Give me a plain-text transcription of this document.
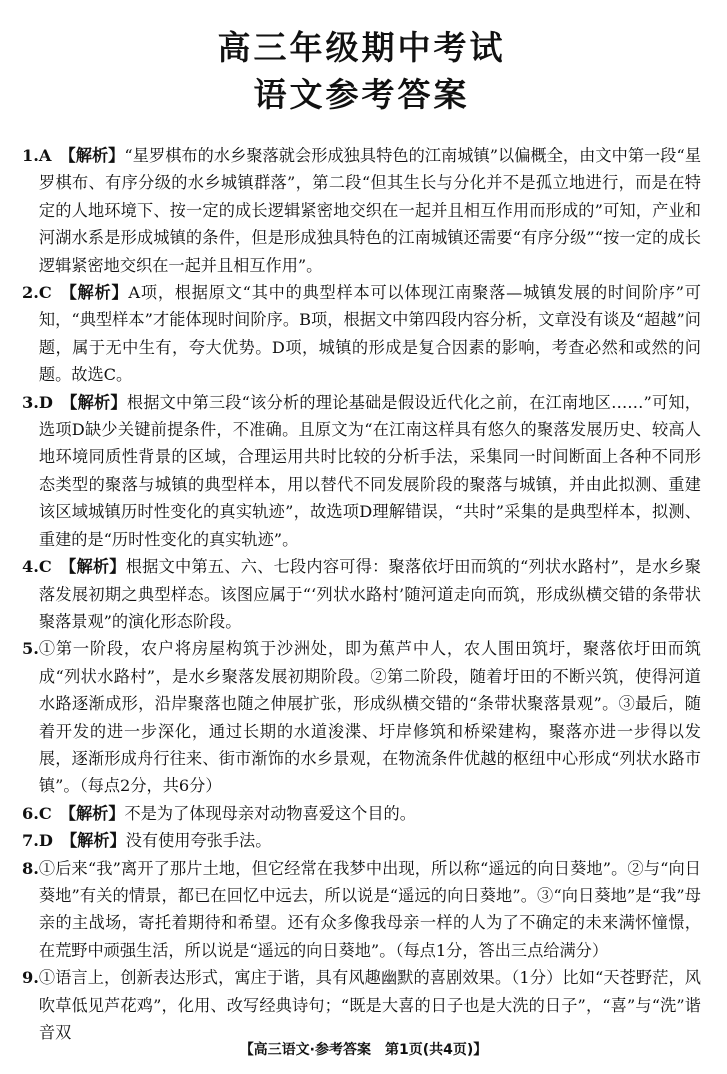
高三年级期中考试
语文参考答案
1. A 【解析】“星罗棋布的水乡聚落就会形成独具特色的江南城镇”以偏概全，由文中第一段“星罗棋布、有序分级的水乡城镇群落”，第二段“但其生长与分化并不是孤立地进行，而是在特定的人地环境下、按一定的成长逻辑紧密地交织在一起并且相互作用而形成的”可知，产业和河湖水系是形成城镇的条件，但是形成独具特色的江南城镇还需要“有序分级”“按一定的成长逻辑紧密地交织在一起并且相互作用”。
2. C 【解析】A项，根据原文“其中的典型样本可以体现江南聚落—城镇发展的时间阶序”可知，“典型样本”才能体现时间阶序。B项，根据文中第四段内容分析，文章没有谈及“超越”问题，属于无中生有，夸大优势。D项，城镇的形成是复合因素的影响，考查必然和或然的问题。故选C。
3. D 【解析】根据文中第三段“该分析的理论基础是假设近代化之前，在江南地区……”可知，选项D缺少关键前提条件，不准确。且原文为“在江南这样具有悠久的聚落发展历史、较高人地环境同质性背景的区域，合理运用共时比较的分析手法，采集同一时间断面上各种不同形态类型的聚落与城镇的典型样本，用以替代不同发展阶段的聚落与城镇，并由此拟测、重建该区域城镇历时性变化的真实轨迹”，故选项D理解错误，“共时”采集的是典型样本，拟测、重建的是“历时性变化的真实轨迹”。
4. C 【解析】根据文中第五、六、七段内容可得：聚落依圩田而筑的“列状水路村”，是水乡聚落发展初期之典型样态。该图应属于“‘列状水路村’随河道走向而筑，形成纵横交错的条带状聚落景观”的演化形态阶段。
5. ①第一阶段，农户将房屋构筑于沙洲处，即为蕉芦中人，农人围田筑圩，聚落依圩田而筑成“列状水路村”，是水乡聚落发展初期阶段。②第二阶段，随着圩田的不断兴筑，使得河道水路逐渐成形，沿岸聚落也随之伸展扩张，形成纵横交错的“条带状聚落景观”。③最后，随着开发的进一步深化，通过长期的水道浚渫、圩岸修筑和桥梁建构，聚落亦进一步得以发展，逐渐形成舟行往来、街市渐饰的水乡景观，在物流条件优越的枢纽中心形成“列状水路市镇”。（每点2分，共6分）
6. C 【解析】不是为了体现母亲对动物喜爱这个目的。
7. D 【解析】没有使用夸张手法。
8. ①后来“我”离开了那片土地，但它经常在我梦中出现，所以称“遥远的向日葵地”。②与“向日葵地”有关的情景，都已在回忆中远去，所以说是“遥远的向日葵地”。③“向日葵地”是“我”母亲的主战场，寄托着期待和希望。还有众多像我母亲一样的人为了不确定的未来满怀憧憬，在荒野中顽强生活，所以说是“遥远的向日葵地”。（每点1分，答出三点给满分）
9. ①语言上，创新表达形式，寓庄于谐，具有风趣幽默的喜剧效果。（1分）比如“天苍野茫，风吹草低见芦花鸡”，化用、改写经典诗句；“既是大喜的日子也是大洗的日子”，“喜”与“洗”谐音双
【高三语文·参考答案　第1页(共4页)】
